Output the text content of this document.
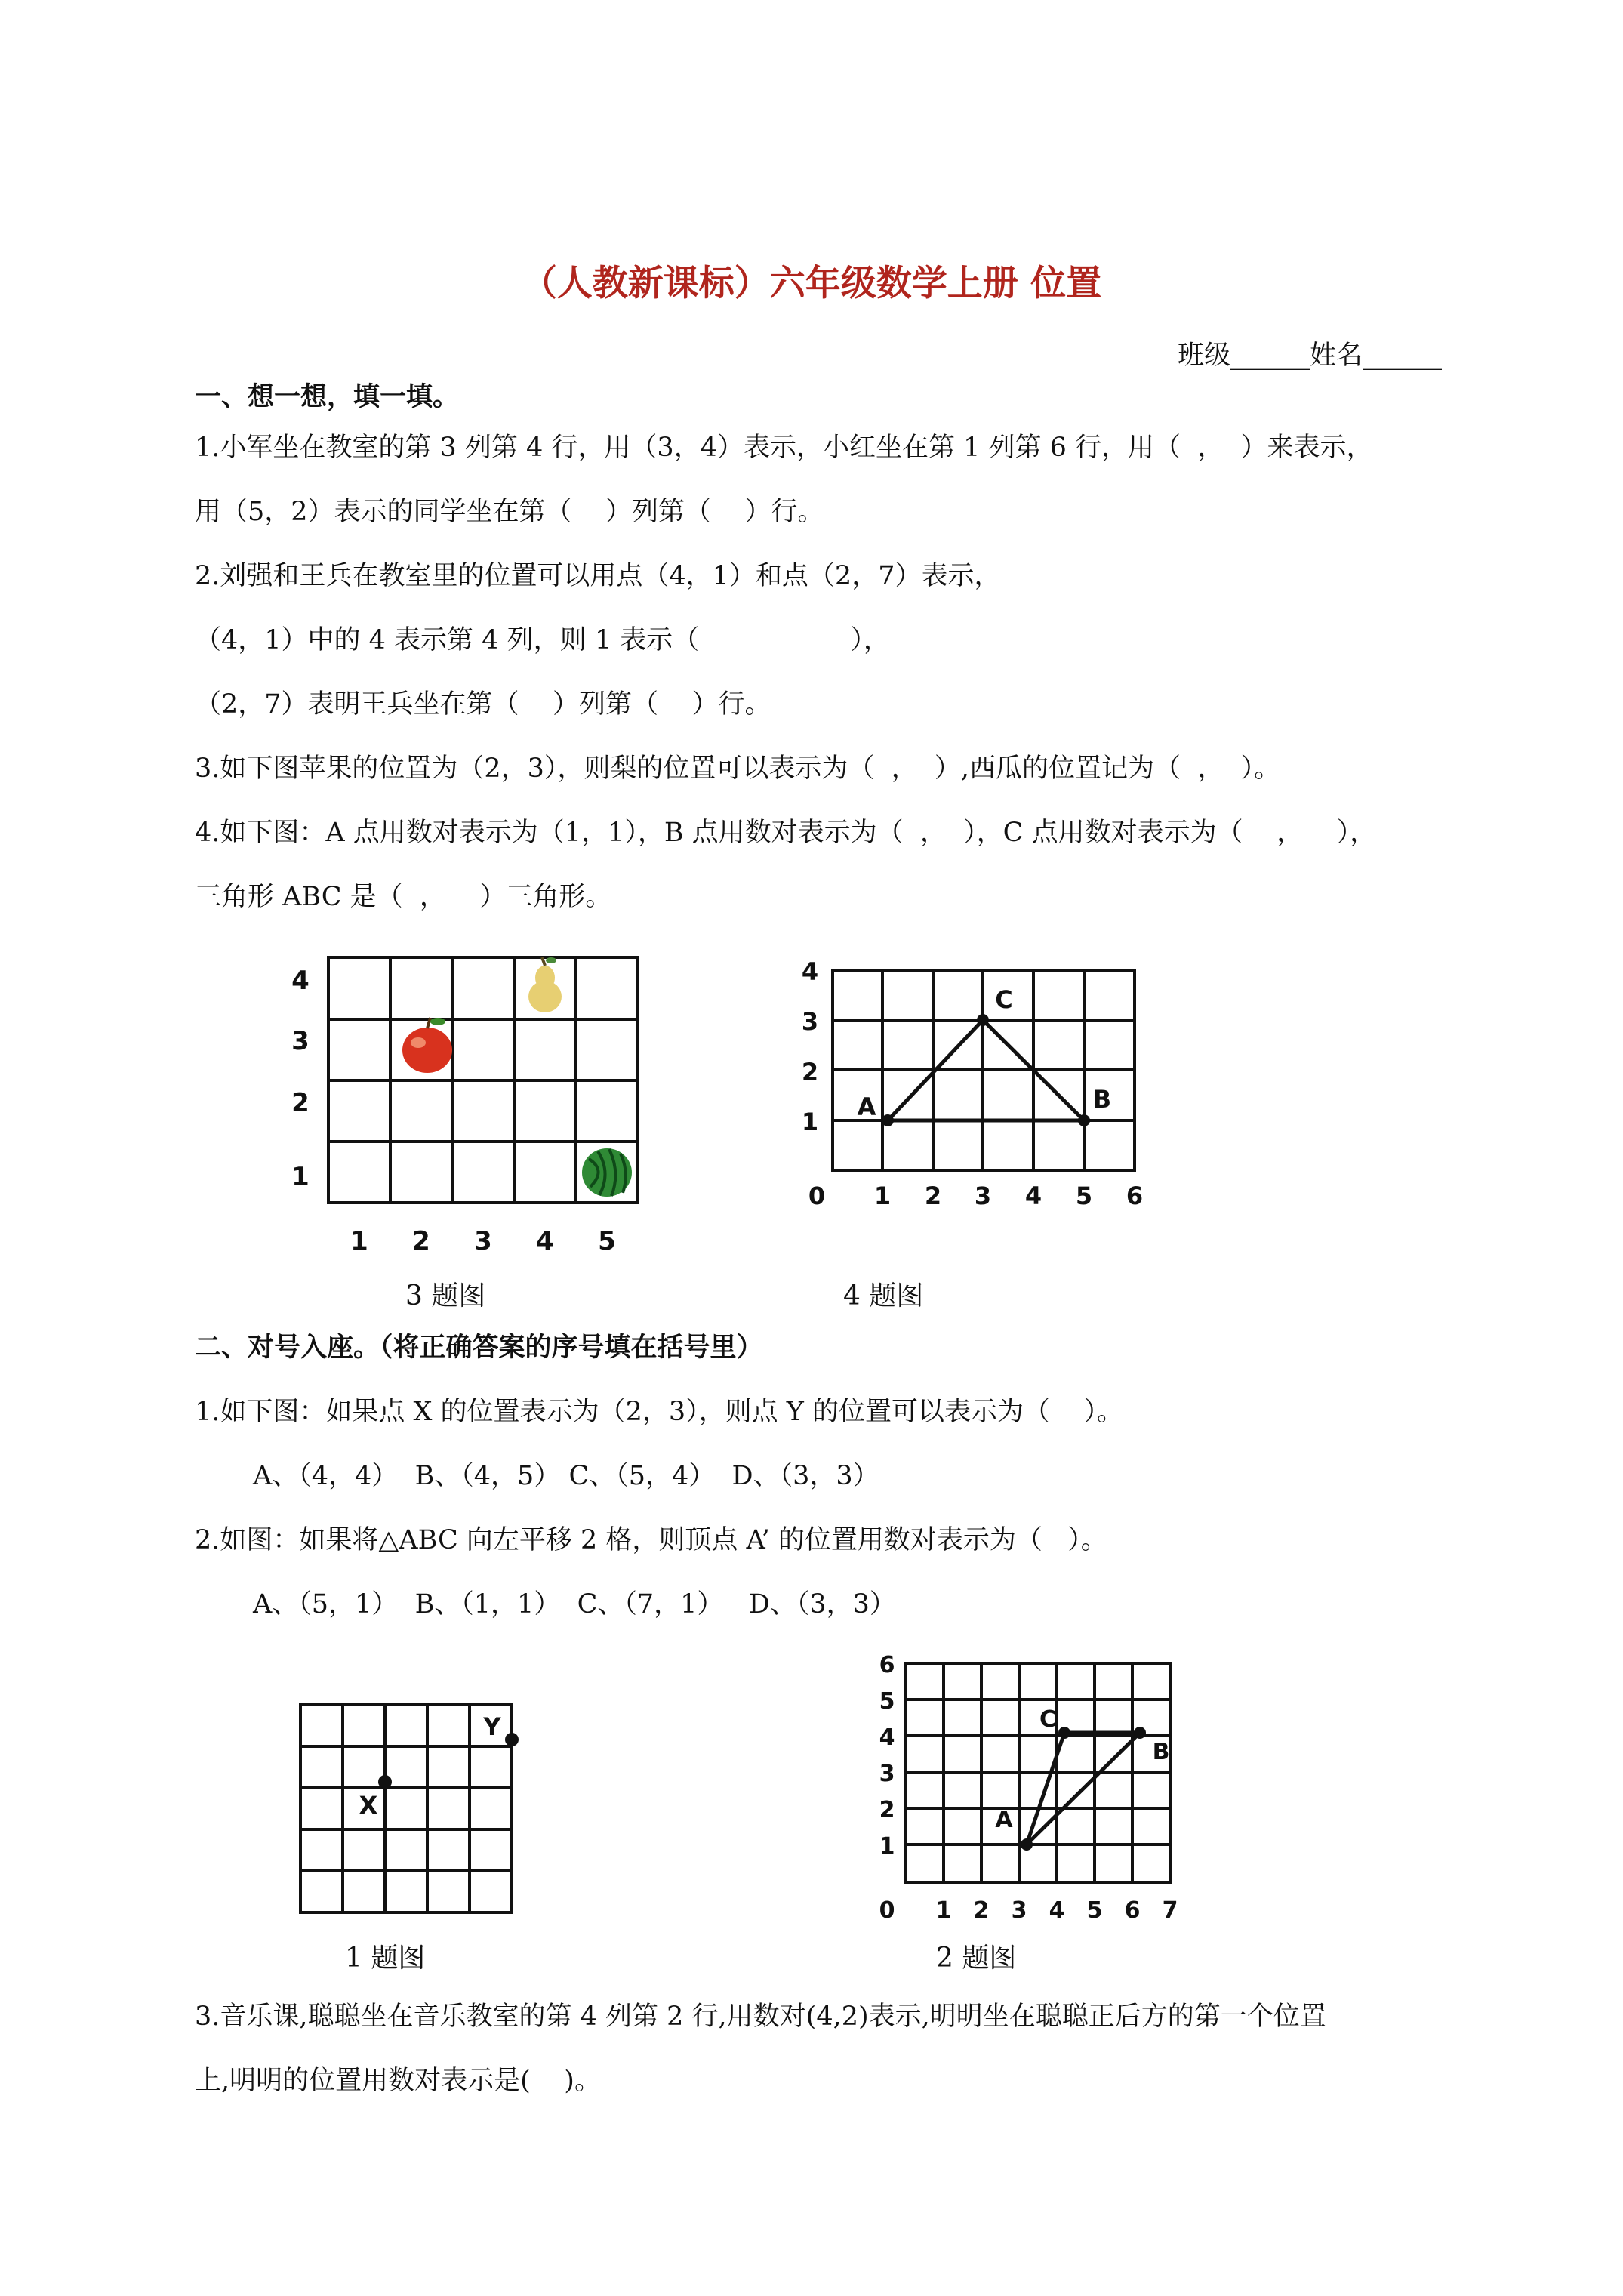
（人教新课标）六年级数学上册 位置
班级______姓名______
一、想一想，填一填。
1.小军坐在教室的第 3 列第 4 行，用（3，4）表示，小红坐在第 1 列第 6 行，用（  ，  ）来表示，
用（5，2）表示的同学坐在第（    ）列第（    ）行。
2.刘强和王兵在教室里的位置可以用点（4，1）和点（2，7）表示，
（4，1）中的 4 表示第 4 列，则 1 表示（                  ），
（2，7）表明王兵坐在第（    ）列第（    ）行。
3.如下图苹果的位置为（2，3），则梨的位置可以表示为（  ，  ）,西瓜的位置记为（  ，  ）。
4.如下图：A 点用数对表示为（1，1），B 点用数对表示为（  ，  ），C 点用数对表示为（    ，    ），
三角形 ABC 是（  ，    ）三角形。
4
3
2
1
1 2 3 4 5
A
C
B
4
3
2
1
0 1 2 3 4 5 6
3 题图	4 题图
二、对号入座。（将正确答案的序号填在括号里）
1.如下图：如果点 X 的位置表示为（2，3），则点 Y 的位置可以表示为（    ）。
A、（4，4）  B、（4，5） C、（5，4）  D、（3，3）
2.如图：如果将△ABC 向左平移 2 格，则顶点 A’ 的位置用数对表示为（   ）。
A、（5，1）  B、（1，1）  C、（7，1）   D、（3，3）
X
Y
A
C
B
6
5
4
3
2
1
0 1 2 3 4 5 6 7
1 题图	2 题图
3.音乐课,聪聪坐在音乐教室的第 4 列第 2 行,用数对(4,2)表示,明明坐在聪聪正后方的第一个位置
上,明明的位置用数对表示是(    )。
